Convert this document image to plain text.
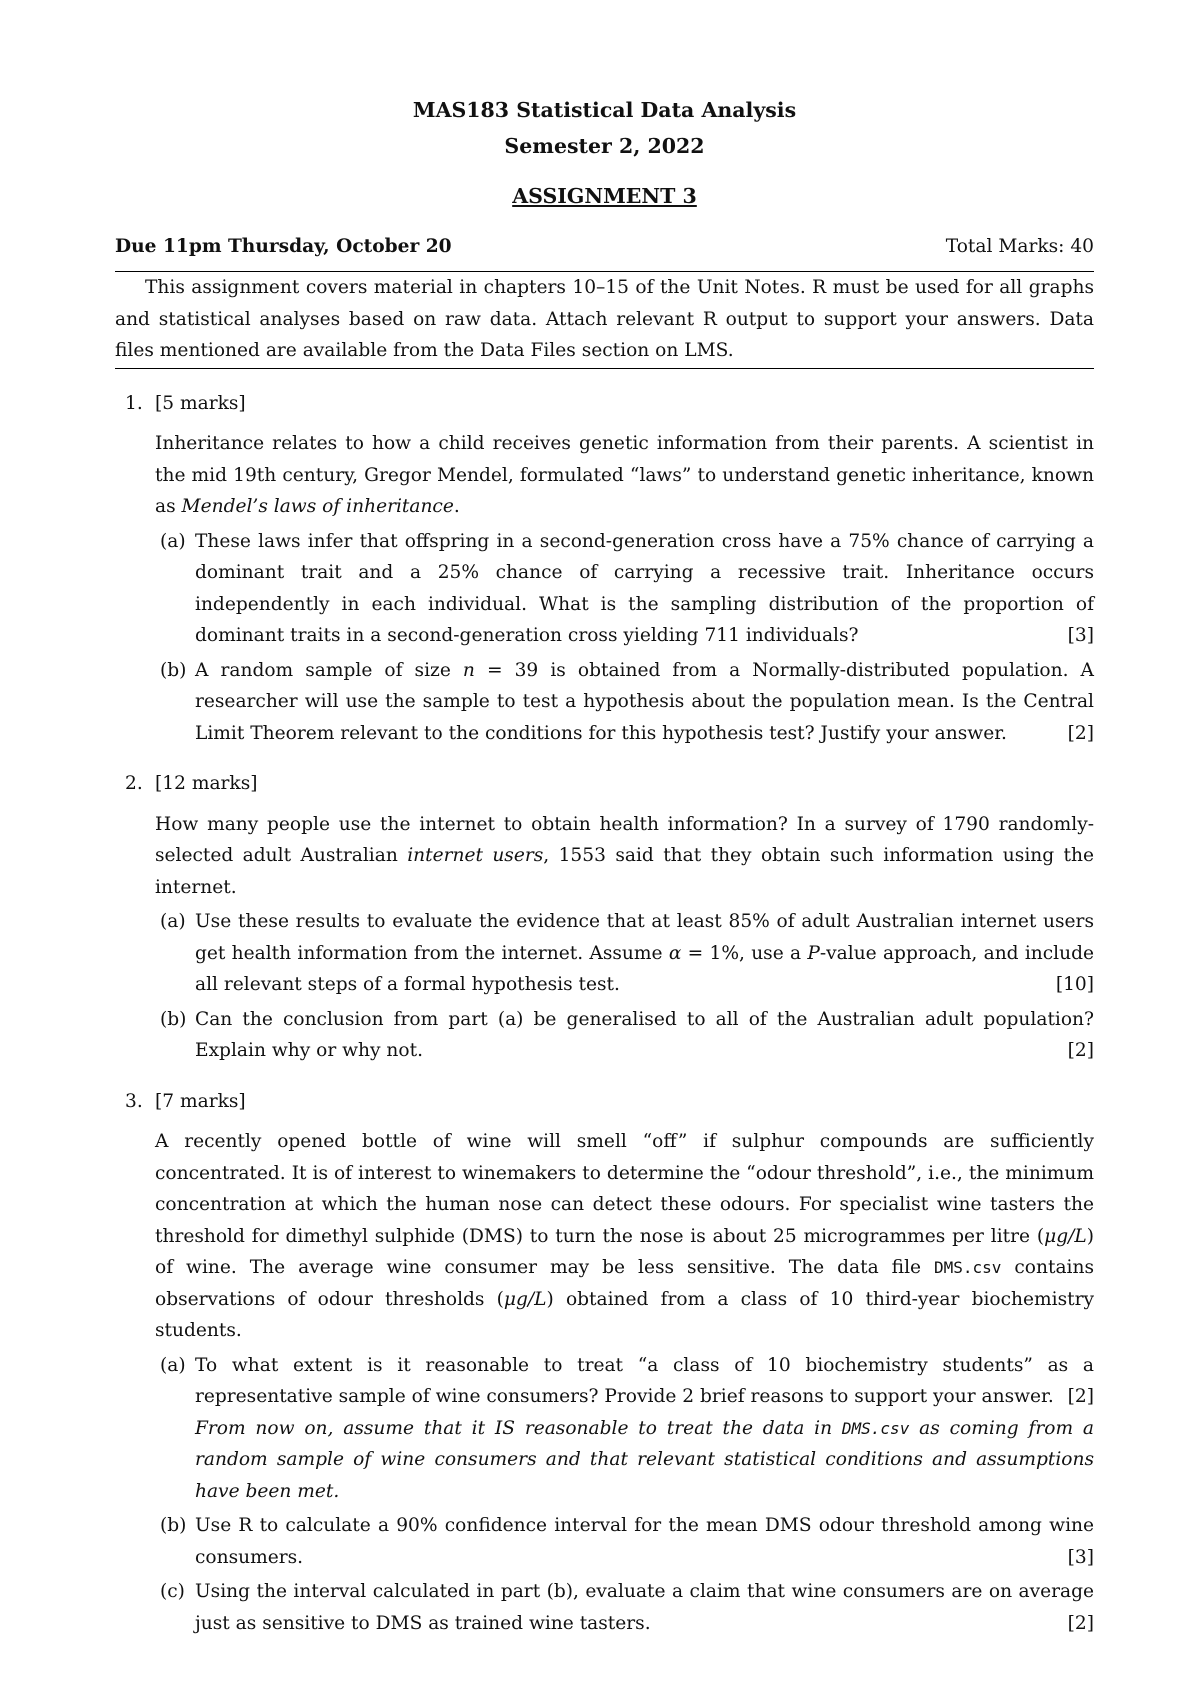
MAS183 Statistical Data Analysis

Semester 2, 2022

ASSIGNMENT 3

Due 11pm Thursday, October 20	Total Marks: 40
This assignment covers material in chapters 10–15 of the Unit Notes. R must be used for all graphs and statistical analyses based on raw data. Attach relevant R output to support your answers. Data files mentioned are available from the Data Files section on LMS.
1. [5 marks]
Inheritance relates to how a child receives genetic information from their parents. A scientist in the mid 19th century, Gregor Mendel, formulated “laws” to understand genetic inheritance, known as Mendel’s laws of inheritance.
(a) These laws infer that offspring in a second-generation cross have a 75% chance of carrying a dominant trait and a 25% chance of carrying a recessive trait. Inheritance occurs independently in each individual. What is the sampling distribution of the proportion of dominant traits in a second-generation cross yielding 711 individuals?	[3]
(b) A random sample of size n = 39 is obtained from a Normally-distributed population. A researcher will use the sample to test a hypothesis about the population mean. Is the Central Limit Theorem relevant to the conditions for this hypothesis test? Justify your answer.	[2]
2. [12 marks]
How many people use the internet to obtain health information? In a survey of 1790 randomly-selected adult Australian internet users, 1553 said that they obtain such information using the internet.
(a) Use these results to evaluate the evidence that at least 85% of adult Australian internet users get health information from the internet. Assume α = 1%, use a P-value approach, and include all relevant steps of a formal hypothesis test.	[10]
(b) Can the conclusion from part (a) be generalised to all of the Australian adult population? Explain why or why not.	[2]
3. [7 marks]
A recently opened bottle of wine will smell “off” if sulphur compounds are sufficiently concentrated. It is of interest to winemakers to determine the “odour threshold”, i.e., the minimum concentration at which the human nose can detect these odours. For specialist wine tasters the threshold for dimethyl sulphide (DMS) to turn the nose is about 25 microgrammes per litre (μg/L) of wine. The average wine consumer may be less sensitive. The data file DMS.csv contains observations of odour thresholds (μg/L) obtained from a class of 10 third-year biochemistry students.
(a) To what extent is it reasonable to treat “a class of 10 biochemistry students” as a representative sample of wine consumers? Provide 2 brief reasons to support your answer. [2]
From now on, assume that it IS reasonable to treat the data in DMS.csv as coming from a random sample of wine consumers and that relevant statistical conditions and assumptions have been met.
(b) Use R to calculate a 90% confidence interval for the mean DMS odour threshold among wine consumers.	[3]
(c) Using the interval calculated in part (b), evaluate a claim that wine consumers are on average just as sensitive to DMS as trained wine tasters.	[2]
